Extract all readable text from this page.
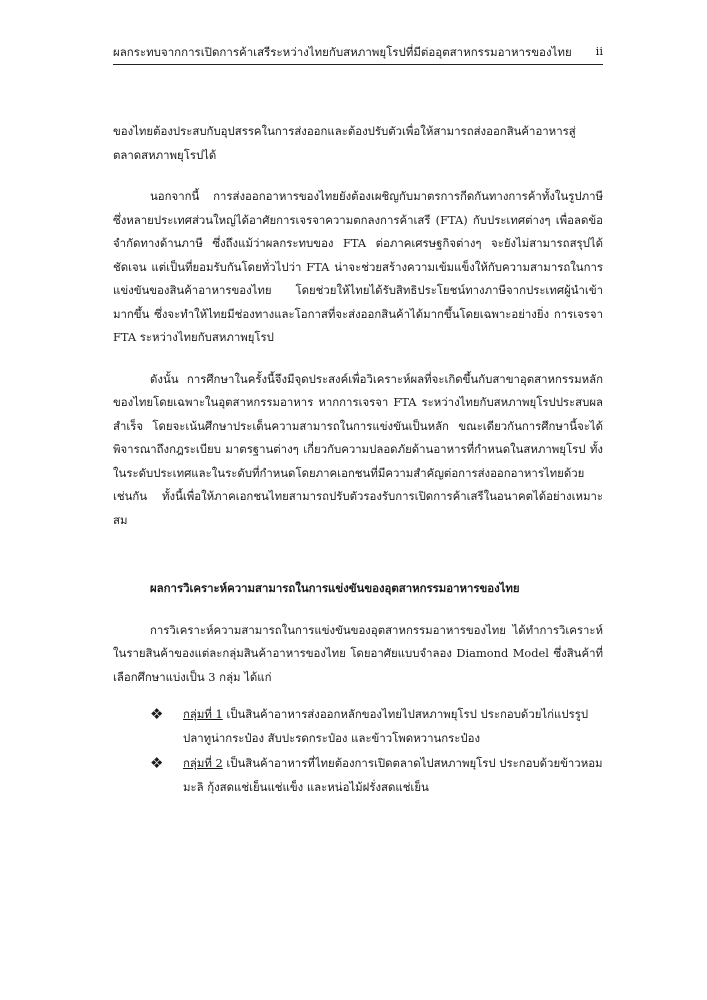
ผลกระทบจากการเปิดการค้าเสรีระหว่างไทยกับสหภาพยุโรปที่มีต่ออุตสาหกรรมอาหารของไทย ii

ของไทยต้องประสบกับอุปสรรคในการส่งออกและต้องปรับตัวเพื่อให้สามารถส่งออกสินค้าอาหารสู่ตลาดสหภาพยุโรปได้

นอกจากนี้ การส่งออกอาหารของไทยยังต้องเผชิญกับมาตรการกีดกันทางการค้าทั้งในรูปภาษี ซึ่งหลายประเทศส่วนใหญ่ได้อาศัยการเจรจาความตกลงการค้าเสรี (FTA) กับประเทศต่างๆ เพื่อลดข้อจำกัดทางด้านภาษี ซึ่งถึงแม้ว่าผลกระทบของ FTA ต่อภาคเศรษฐกิจต่างๆ จะยังไม่สามารถสรุปได้ชัดเจน แต่เป็นที่ยอมรับกันโดยทั่วไปว่า FTA น่าจะช่วยสร้างความเข้มแข็งให้กับความสามารถในการแข่งขันของสินค้าอาหารของไทย โดยช่วยให้ไทยได้รับสิทธิประโยชน์ทางภาษีจากประเทศผู้นำเข้ามากขึ้น ซึ่งจะทำให้ไทยมีช่องทางและโอกาสที่จะส่งออกสินค้าได้มากขึ้นโดยเฉพาะอย่างยิ่ง การเจรจา FTA ระหว่างไทยกับสหภาพยุโรป

ดังนั้น การศึกษาในครั้งนี้จึงมีจุดประสงค์เพื่อวิเคราะห์ผลที่จะเกิดขึ้นกับสาขาอุตสาหกรรมหลักของไทยโดยเฉพาะในอุตสาหกรรมอาหาร หากการเจรจา FTA ระหว่างไทยกับสหภาพยุโรปประสบผลสำเร็จ โดยจะเน้นศึกษาประเด็นความสามารถในการแข่งขันเป็นหลัก ขณะเดียวกันการศึกษานี้จะได้พิจารณาถึงกฎระเบียบ มาตรฐานต่างๆ เกี่ยวกับความปลอดภัยด้านอาหารที่กำหนดในสหภาพยุโรป ทั้งในระดับประเทศและในระดับที่กำหนดโดยภาคเอกชนที่มีความสำคัญต่อการส่งออกอาหารไทยด้วยเช่นกัน ทั้งนี้เพื่อให้ภาคเอกชนไทยสามารถปรับตัวรองรับการเปิดการค้าเสรีในอนาคตได้อย่างเหมาะสม

ผลการวิเคราะห์ความสามารถในการแข่งขันของอุตสาหกรรมอาหารของไทย

การวิเคราะห์ความสามารถในการแข่งขันของอุตสาหกรรมอาหารของไทย ได้ทำการวิเคราะห์ในรายสินค้าของแต่ละกลุ่มสินค้าอาหารของไทย โดยอาศัยแบบจำลอง Diamond Model ซึ่งสินค้าที่เลือกศึกษาแบ่งเป็น 3 กลุ่ม ได้แก่

❖ กลุ่มที่ 1 เป็นสินค้าอาหารส่งออกหลักของไทยไปสหภาพยุโรป ประกอบด้วยไก่แปรรูป ปลาทูน่ากระป๋อง สับปะรดกระป๋อง และข้าวโพดหวานกระป๋อง
❖ กลุ่มที่ 2 เป็นสินค้าอาหารที่ไทยต้องการเปิดตลาดไปสหภาพยุโรป ประกอบด้วยข้าวหอมมะลิ กุ้งสดแช่เย็นแช่แข็ง และหน่อไม้ฝรั่งสดแช่เย็น
